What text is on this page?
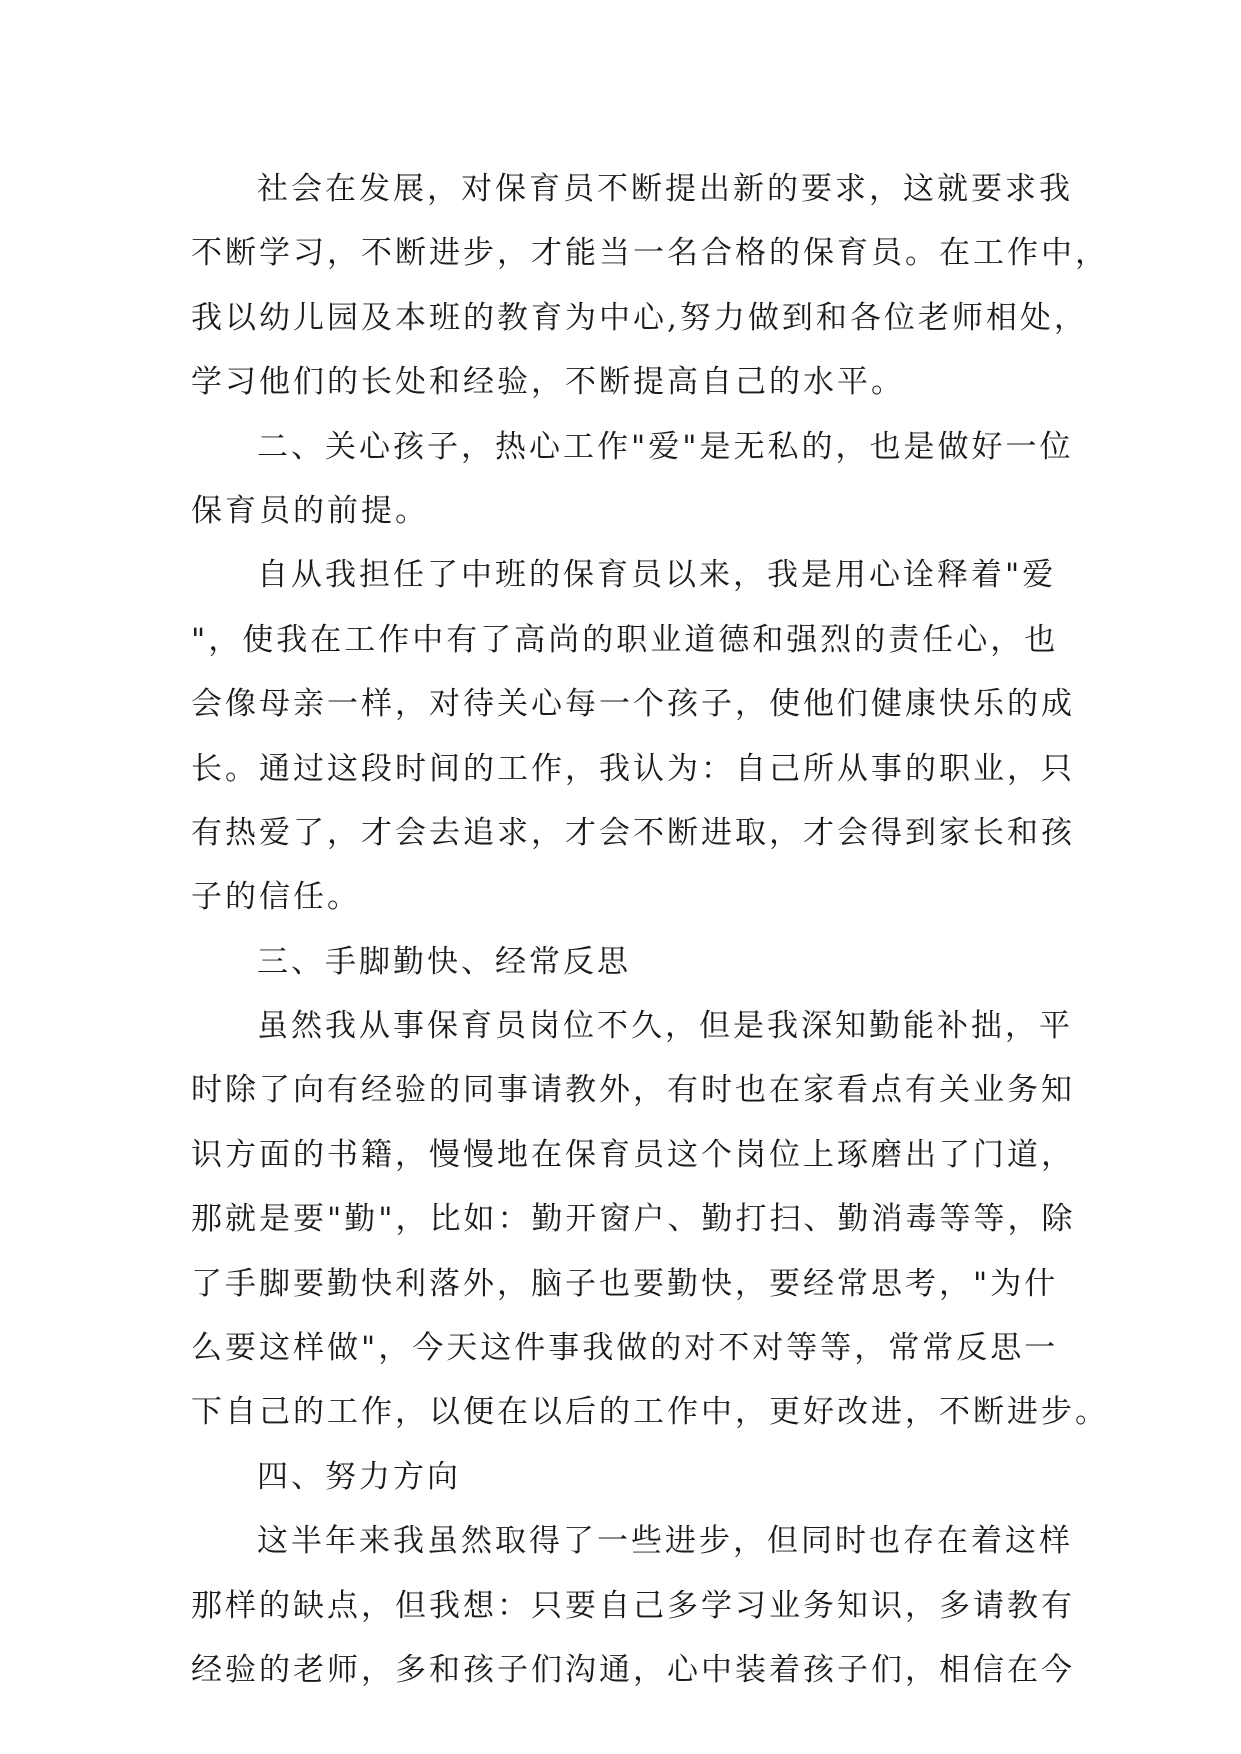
社会在发展，对保育员不断提出新的要求，这就要求我
不断学习，不断进步，才能当一名合格的保育员。在工作中，
我以幼儿园及本班的教育为中心,努力做到和各位老师相处，
学习他们的长处和经验，不断提高自己的水平。
二、关心孩子，热心工作"爱"是无私的，也是做好一位
保育员的前提。
自从我担任了中班的保育员以来，我是用心诠释着"爱
"，使我在工作中有了高尚的职业道德和强烈的责任心，也
会像母亲一样，对待关心每一个孩子，使他们健康快乐的成
长。通过这段时间的工作，我认为：自己所从事的职业，只
有热爱了，才会去追求，才会不断进取，才会得到家长和孩
子的信任。
三、手脚勤快、经常反思
虽然我从事保育员岗位不久，但是我深知勤能补拙，平
时除了向有经验的同事请教外，有时也在家看点有关业务知
识方面的书籍，慢慢地在保育员这个岗位上琢磨出了门道，
那就是要"勤"，比如：勤开窗户、勤打扫、勤消毒等等，除
了手脚要勤快利落外，脑子也要勤快，要经常思考，"为什
么要这样做"，今天这件事我做的对不对等等，常常反思一
下自己的工作，以便在以后的工作中，更好改进，不断进步。
四、努力方向
这半年来我虽然取得了一些进步，但同时也存在着这样
那样的缺点，但我想：只要自己多学习业务知识，多请教有
经验的老师，多和孩子们沟通，心中装着孩子们，相信在今
